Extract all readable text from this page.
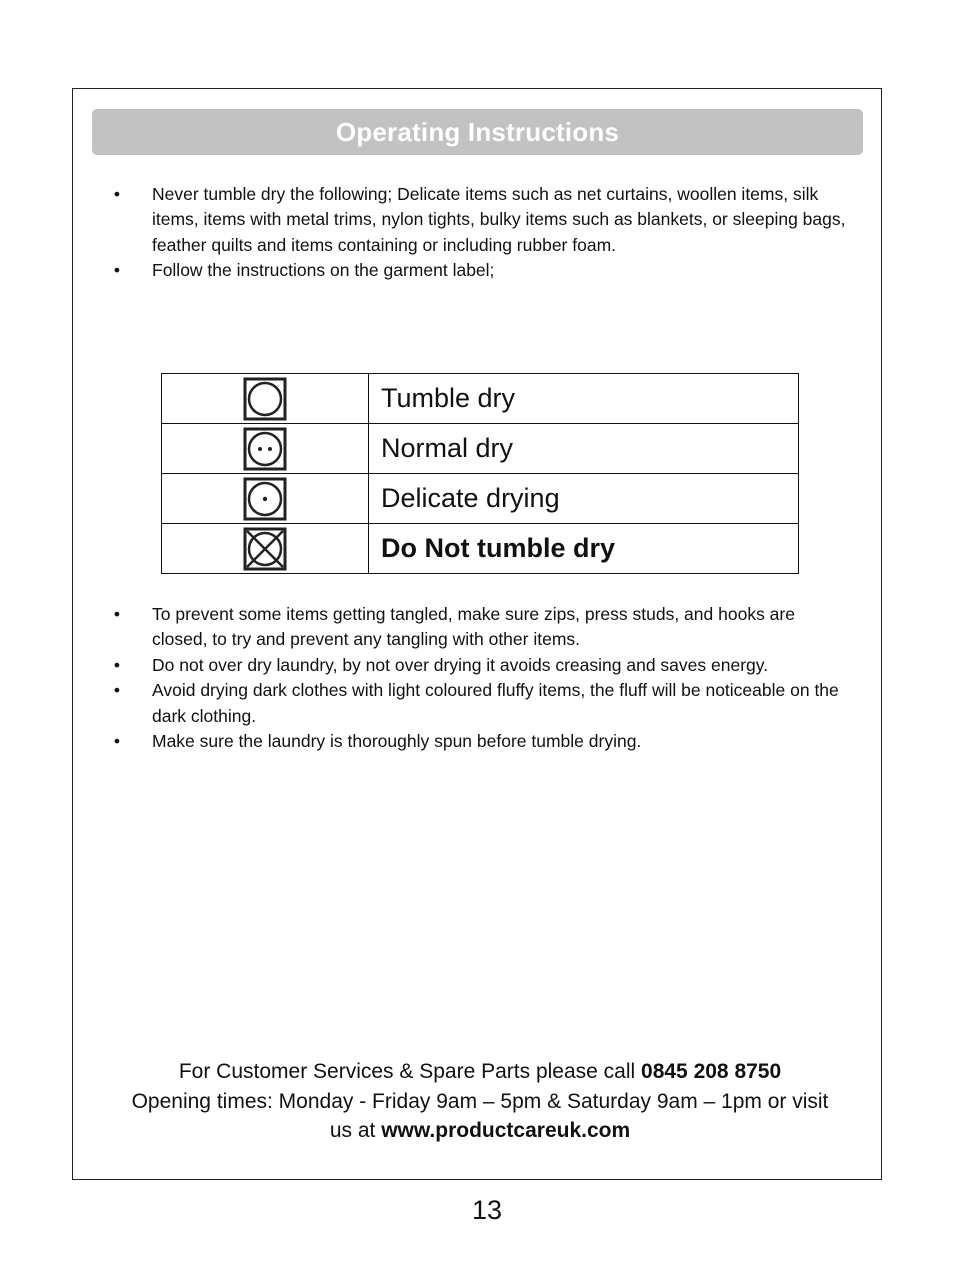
Operating Instructions
• Never tumble dry the following; Delicate items such as net curtains, woollen items, silk items, items with metal trims, nylon tights, bulky items such as blankets, or sleeping bags, feather quilts and items containing or including rubber foam.
• Follow the instructions on the garment label;
	Tumble dry
	Normal dry
	Delicate drying
	Do Not tumble dry
• To prevent some items getting tangled, make sure zips, press studs, and hooks are closed, to try and prevent any tangling with other items.
• Do not over dry laundry, by not over drying it avoids creasing and saves energy.
• Avoid drying dark clothes with light coloured fluffy items, the fluff will be noticeable on the dark clothing.
• Make sure the laundry is thoroughly spun before tumble drying.
For Customer Services & Spare Parts please call 0845 208 8750
Opening times: Monday - Friday 9am – 5pm & Saturday 9am – 1pm or visit
us at www.productcareuk.com
13
